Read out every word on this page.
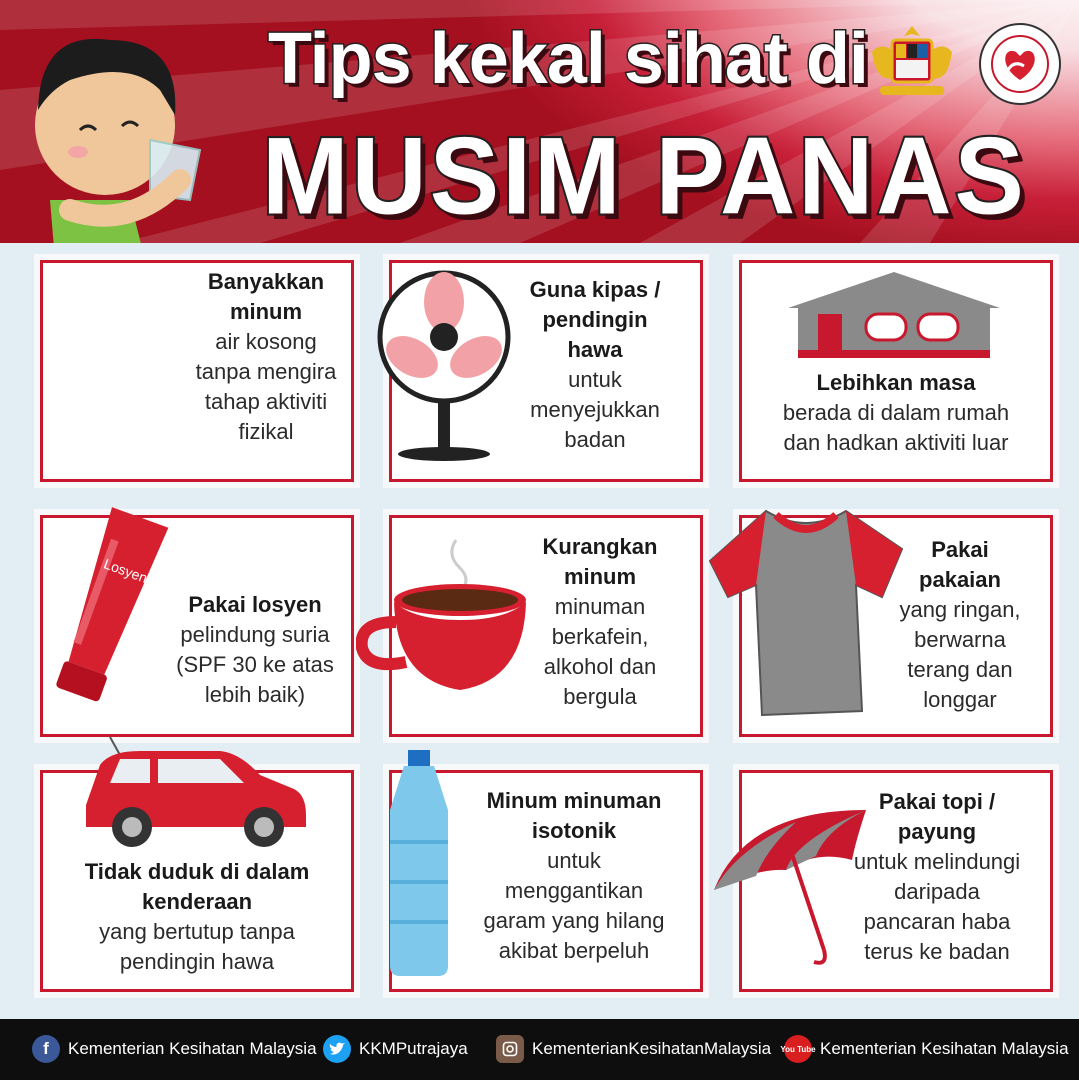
Tips kekal sihat di
MUSIM PANAS
Banyakkan
minum
air kosong
tanpa mengira
tahap aktiviti
fizikal
Guna kipas /
pendingin
hawa
untuk
menyejukkan
badan
Lebihkan masa
berada di dalam rumah
dan hadkan aktiviti luar
Losyen
Pakai losyen
pelindung suria
(SPF 30 ke atas
lebih baik)
Kurangkan
minum
minuman
berkafein,
alkohol dan
bergula
Pakai
pakaian
yang ringan,
berwarna
terang dan
longgar
Tidak duduk di dalam
kenderaan
yang bertutup tanpa
pendingin hawa
Minum minuman
isotonik
untuk
menggantikan
garam yang hilang
akibat berpeluh
Pakai topi /
payung
untuk melindungi
daripada
pancaran haba
terus ke badan
f	Kementerian Kesihatan Malaysia KKMPutrajaya	KementerianKesihatanMalaysia You Tube Kementerian Kesihatan Malaysia
